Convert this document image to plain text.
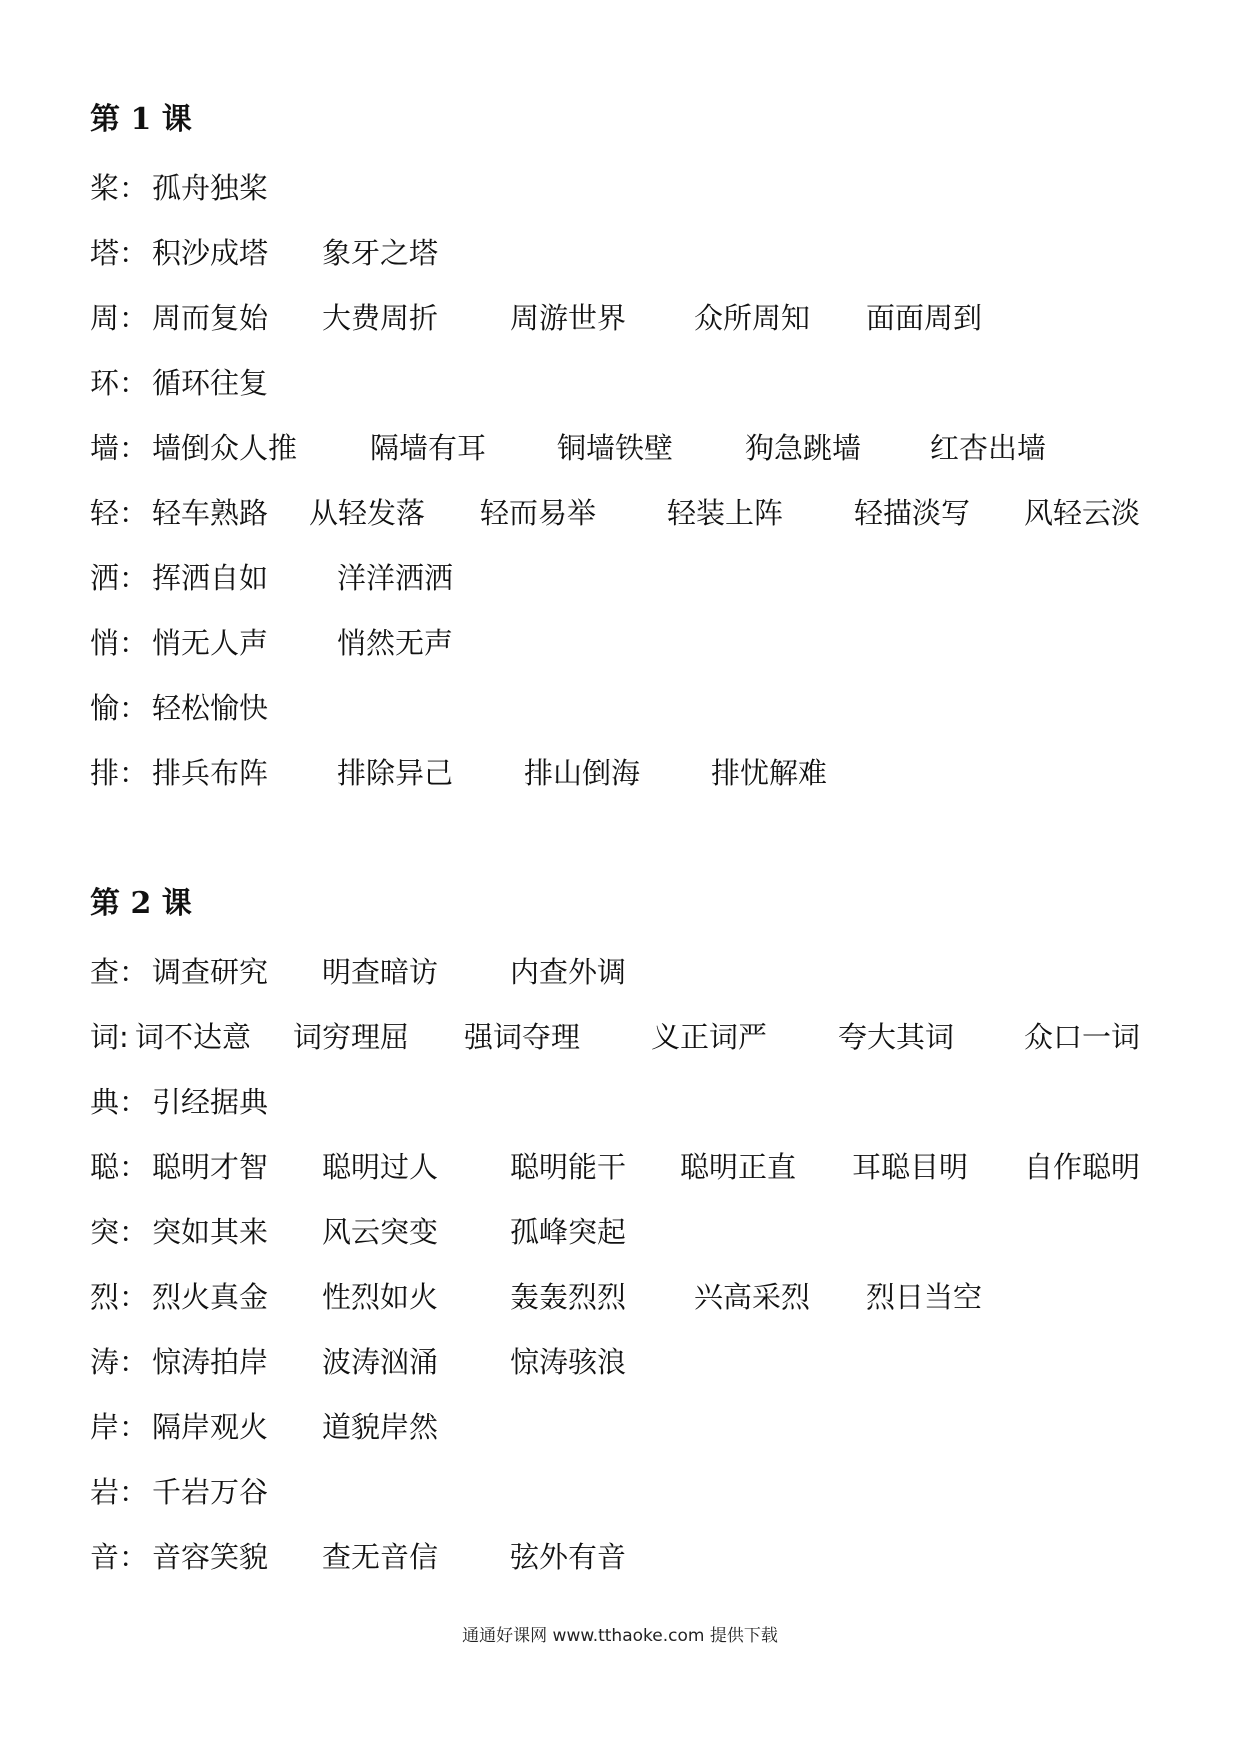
第 1 课
桨： 孤舟独桨
塔： 积沙成塔 象牙之塔
周： 周而复始 大费周折 周游世界 众所周知 面面周到
环： 循环往复
墙： 墙倒众人推	隔墙有耳 铜墙铁壁 狗急跳墙 红杏出墙
轻： 轻车熟路 从轻发落 轻而易举 轻装上阵 轻描淡写 风轻云淡
洒： 挥洒自如 洋洋洒洒
悄： 悄无人声 悄然无声
愉： 轻松愉快
排： 排兵布阵 排除异己 排山倒海 排忧解难
第 2 课
查： 调查研究 明查暗访 内查外调
词: 词不达意 词穷理屈 强词夺理 义正词严 夸大其词 众口一词
典： 引经据典
聪： 聪明才智 聪明过人 聪明能干 聪明正直 耳聪目明 自作聪明
突： 突如其来 风云突变 孤峰突起
烈： 烈火真金 性烈如火 轰轰烈烈 兴高采烈 烈日当空
涛： 惊涛拍岸 波涛汹涌 惊涛骇浪
岸： 隔岸观火 道貌岸然
岩： 千岩万谷
音： 音容笑貌 查无音信 弦外有音
通通好课网 www.tthaoke.com 提供下载
